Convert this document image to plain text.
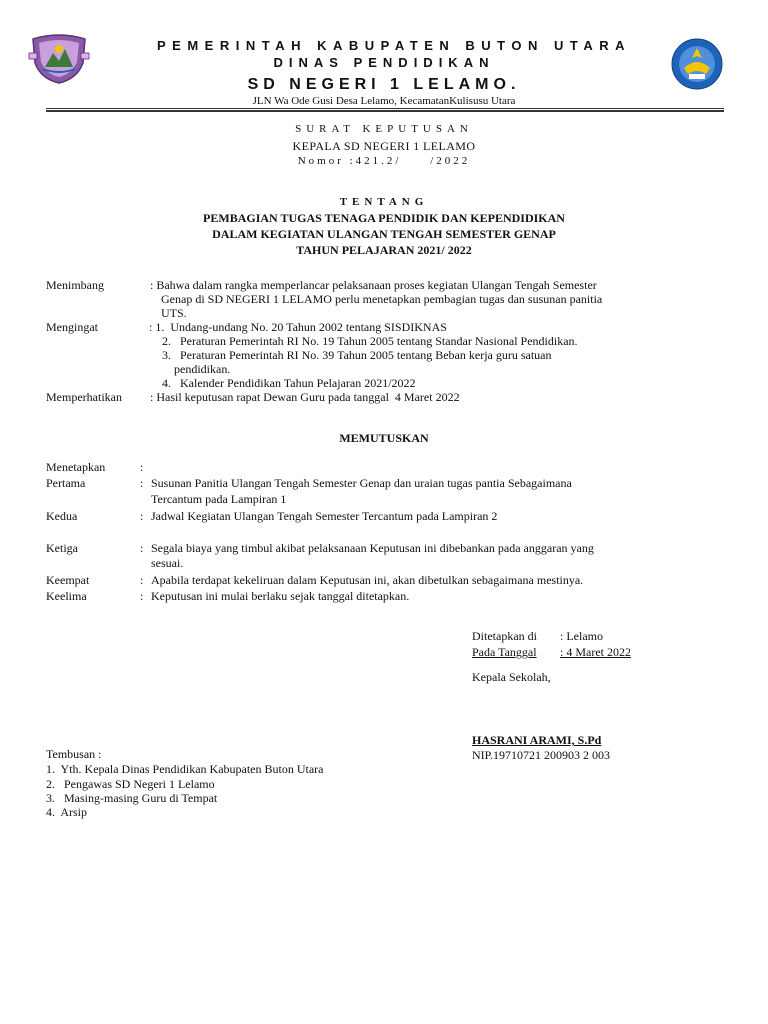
PEMERINTAH KABUPATEN BUTON UTARA
DINAS PENDIDIKAN
SD NEGERI 1 LELAMO.
JLN Wa Ode Gusi Desa Lelamo, KecamatanKulisusu Utara
SURAT KEPUTUSAN
KEPALA SD NEGERI 1 LELAMO
Nomor :421.2/     /2022
TENTANG
PEMBAGIAN TUGAS TENAGA PENDIDIK DAN KEPENDIDIKAN
DALAM KEGIATAN ULANGAN TENGAH SEMESTER GENAP
TAHUN PELAJARAN 2021/ 2022
Menimbang	: Bahwa dalam rangka memperlancar pelaksanaan proses kegiatan Ulangan Tengah Semester
Genap di SD NEGERI 1 LELAMO perlu menetapkan pembagian tugas dan susunan panitia
UTS.
Mengingat	: 1.  Undang-undang No. 20 Tahun 2002 tentang SISDIKNAS
2.   Peraturan Pemerintah RI No. 19 Tahun 2005 tentang Standar Nasional Pendidikan.
3.   Peraturan Pemerintah RI No. 39 Tahun 2005 tentang Beban kerja guru satuan
pendidikan.
4.   Kalender Pendidikan Tahun Pelajaran 2021/2022
Memperhatikan : Hasil keputusan rapat Dewan Guru pada tanggal  4 Maret 2022
MEMUTUSKAN
Menetapkan	:
Pertama	: Susunan Panitia Ulangan Tengah Semester Genap dan uraian tugas pantia Sebagaimana
Tercantum pada Lampiran 1
Kedua	: Jadwal Kegiatan Ulangan Tengah Semester Tercantum pada Lampiran 2
Ketiga	: Segala biaya yang timbul akibat pelaksanaan Keputusan ini dibebankan pada anggaran yang
sesuai.
Keempat	: Apabila terdapat kekeliruan dalam Keputusan ini, akan dibetulkan sebagaimana mestinya.
Keelima	: Keputusan ini mulai berlaku sejak tanggal ditetapkan.
Ditetapkan di : Lelamo
Pada Tanggal	: 4 Maret 2022
Kepala Sekolah,
HASRANI ARAMI, S.Pd
NIP.19710721 200903 2 003
Tembusan :
1.  Yth. Kepala Dinas Pendidikan Kabupaten Buton Utara
2.   Pengawas SD Negeri 1 Lelamo
3.   Masing-masing Guru di Tempat
4.  Arsip
